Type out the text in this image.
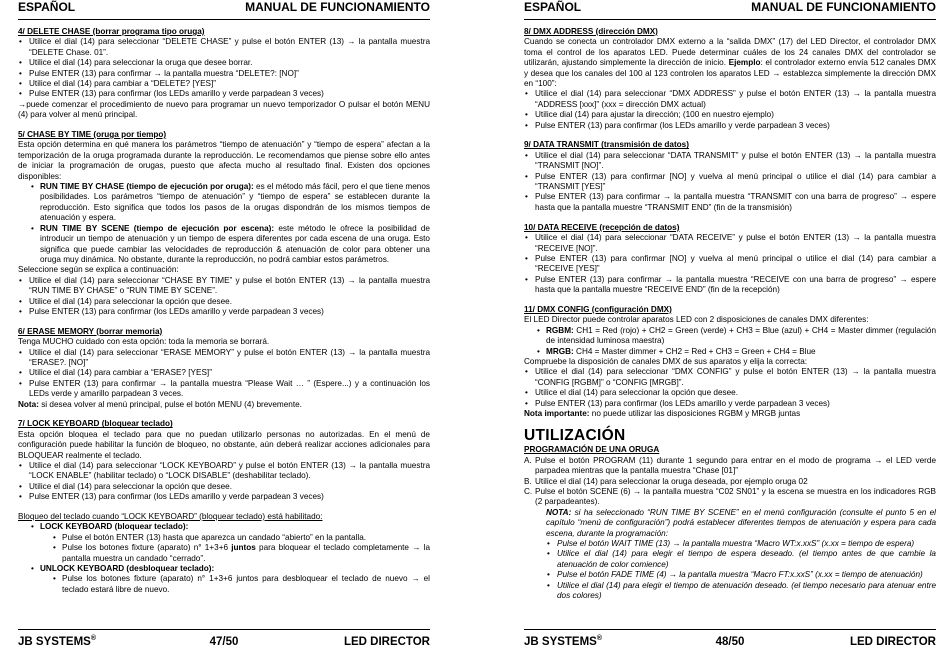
ESPAÑOL	MANUAL DE FUNCIONAMIENTO

4/ DELETE CHASE (borrar programa tipo oruga)

• Utilice el dial (14) para seleccionar “DELETE CHASE” y pulse el botón ENTER (13) → la pantalla muestra “DELETE Chase. 01”.
• Utilice el dial (14) para seleccionar la oruga que desee borrar.
• Pulse ENTER (13) para confirmar → la pantalla muestra “DELETE?: [NO]”
• Utilice el dial (14) para cambiar a “DELETE? [YES]”
• Pulse ENTER (13) para confirmar (los LEDs amarillo y verde parpadean 3 veces)

→puede comenzar el procedimiento de nuevo para programar un nuevo temporizador O pulsar el botón MENU (4) para volver al menú principal.

5/ CHASE BY TIME (oruga por tiempo)

Esta opción determina en qué manera los parámetros “tiempo de atenuación” y “tiempo de espera” afectan a la temporización de la oruga programada durante la reproducción. Le recomendamos que piense sobre ello antes de iniciar la programación de orugas, puesto que afecta mucho al resultado final. Existen dos opciones disponibles:

• RUN TIME BY CHASE (tiempo de ejecución por oruga): es el método más fácil, pero el que tiene menos posibilidades. Los parámetros “tiempo de atenuación” y “tiempo de espera” se establecen durante la reproducción. Esto significa que todos los pasos de la orugas dispondrán de los mismos tiempos de atenuación y espera.
• RUN TIME BY SCENE (tiempo de ejecución por escena): este método le ofrece la posibilidad de introducir un tiempo de atenuación y un tiempo de espera diferentes por cada escena de una oruga. Esto significa que puede cambiar las velocidades de reproducción & atenuación de color para obtener una oruga muy dinámica. No obstante, durante la reproducción, no podrá cambiar estos parámetros.

Seleccione según se explica a continuación:

• Utilice el dial (14) para seleccionar “CHASE BY TIME” y pulse el botón ENTER (13) → la pantalla muestra “RUN TIME BY CHASE” o “RUN TIME BY SCENE”.
• Utilice el dial (14) para seleccionar la opción que desee.
• Pulse ENTER (13) para confirmar (los LEDs amarillo y verde parpadean 3 veces)

6/ ERASE MEMORY (borrar memoria)

Tenga MUCHO cuidado con esta opción: toda la memoria se borrará.

• Utilice el dial (14) para seleccionar “ERASE MEMORY” y pulse el botón ENTER (13) → la pantalla muestra “ERASE?. [NO]”
• Utilice el dial (14) para cambiar a “ERASE? [YES]”
• Pulse ENTER (13) para confirmar → la pantalla muestra “Please Wait … ” (Espere...) y a continuación los LEDs verde y amarillo parpadean 3 veces.

Nota: si desea volver al menú principal, pulse el botón MENU (4) brevemente.

7/ LOCK KEYBOARD (bloquear teclado)

Esta opción bloquea el teclado para que no puedan utilizarlo personas no autorizadas. En el menú de configuración puede habilitar la función de bloqueo, no obstante, aún deberá realizar acciones adicionales para BLOQUEAR realmente el teclado.

• Utilice el dial (14) para seleccionar “LOCK KEYBOARD” y pulse el botón ENTER (13) → la pantalla muestra “LOCK ENABLE” (habilitar teclado) o “LOCK DISABLE” (deshabilitar teclado).
• Utilice el dial (14) para seleccionar la opción que desee.
• Pulse ENTER (13) para confirmar (los LEDs amarillo y verde parpadean 3 veces)

Bloqueo del teclado cuando “LOCK KEYBOARD” (bloquear teclado) está habilitado:

• LOCK KEYBOARD (bloquear teclado):
• Pulse el botón ENTER (13) hasta que aparezca un candado “abierto” en la pantalla.
• Pulse los botones fixture (aparato) n° 1+3+6 juntos para bloquear el teclado completamente → la pantalla muestra un candado “cerrado”.
• UNLOCK KEYBOARD (desbloquear teclado):
• Pulse los botones fixture (aparato) n° 1+3+6 juntos para desbloquear el teclado de nuevo → el teclado estará libre de nuevo.
JB SYSTEMS®	47/50	LED DIRECTOR
ESPAÑOL	MANUAL DE FUNCIONAMIENTO

8/ DMX ADDRESS (dirección DMX)

Cuando se conecta un controlador DMX externo a la “salida DMX” (17) del LED Director, el controlador DMX toma el control de los aparatos LED. Puede determinar cuáles de los 24 canales DMX del controlador se utilizarán, ajustando simplemente la dirección de inicio. Ejemplo: el controlador externo envía 512 canales DMX y desea que los canales del 100 al 123 controlen los aparatos LED → establezca simplemente la dirección DMX en “100”:

• Utilice el dial (14) para seleccionar “DMX ADDRESS” y pulse el botón ENTER (13) → la pantalla muestra “ADDRESS [xxx]” (xxx = dirección DMX actual)
• Utilice dial (14) para ajustar la dirección; (100 en nuestro ejemplo)
• Pulse ENTER (13) para confirmar (los LEDs amarillo y verde parpadean 3 veces)

9/ DATA TRANSMIT (transmisión de datos)

• Utilice el dial (14) para seleccionar “DATA TRANSMIT” y pulse el botón ENTER (13) → la pantalla muestra “TRANSMIT [NO]”.
• Pulse ENTER (13) para confirmar [NO] y vuelva al menú principal o utilice el dial (14) para cambiar a “TRANSMIT [YES]”
• Pulse ENTER (13) para confirmar → la pantalla muestra “TRANSMIT con una barra de progreso” → espere hasta que la pantalla muestre “TRANSMIT END” (fin de la transmisión)

10/ DATA RECEIVE (recepción de datos)

• Utilice el dial (14) para seleccionar “DATA RECEIVE” y pulse el botón ENTER (13) → la pantalla muestra “RECEIVE [NO]”.
• Pulse ENTER (13) para confirmar [NO] y vuelva al menú principal o utilice el dial (14) para cambiar a “RECEIVE [YES]”
• Pulse ENTER (13) para confirmar → la pantalla muestra “RECEIVE con una barra de progreso” → espere hasta que la pantalla muestre “RECEIVE END” (fin de la recepción)

11/ DMX CONFIG (configuración DMX)

El LED Director puede controlar aparatos LED con 2 disposiciones de canales DMX diferentes:

• RGBM: CH1 = Red (rojo) + CH2 = Green (verde) + CH3 = Blue (azul) + CH4 = Master dimmer (regulación de intensidad luminosa maestra)
• MRGB: CH4 = Master dimmer + CH2 = Red + CH3 = Green + CH4 = Blue

Compruebe la disposición de canales DMX de sus aparatos y elija la correcta:

• Utilice el dial (14) para seleccionar “DMX CONFIG” y pulse el botón ENTER (13) → la pantalla muestra “CONFIG [RGBM]” o “CONFIG [MRGB]”.
• Utilice el dial (14) para seleccionar la opción que desee.
• Pulse ENTER (13) para confirmar (los LEDs amarillo y verde parpadean 3 veces)

Nota importante: no puede utilizar las disposiciones RGBM y MRGB juntas

UTILIZACIÓN

PROGRAMACIÓN DE UNA ORUGA

A. Pulse el botón PROGRAM (11) durante 1 segundo para entrar en el modo de programa → el LED verde parpadea mientras que la pantalla muestra “Chase [01]”
B. Utilice el dial (14) para seleccionar la oruga deseada, por ejemplo oruga 02
C. Pulse el botón SCENE (6) → la pantalla muestra “C02 SN01” y la escena se muestra en los indicadores RGB (2 parpadeantes).

NOTA: si ha seleccionado “RUN TIME BY SCENE” en el menú configuración (consulte el punto 5 en el capítulo “menú de configuración”) podrá establecer diferentes tiempos de atenuación y espera para cada escena, durante la programación:

• Pulse el botón WAIT TIME (13) → la pantalla muestra “Macro WT:x.xxS” (x.xx = tiempo de espera)
• Utilice el dial (14) para elegir el tiempo de espera deseado. (el tiempo antes de que cambie la atenuación de color comience)
• Pulse el botón FADE TIME (4) → la pantalla muestra “Macro FT:x.xxS” (x.xx = tiempo de atenuación)
• Utilice el dial (14) para elegir el tiempo de atenuación deseado. (el tiempo necesario para atenuar entre dos colores)
JB SYSTEMS®	48/50	LED DIRECTOR
